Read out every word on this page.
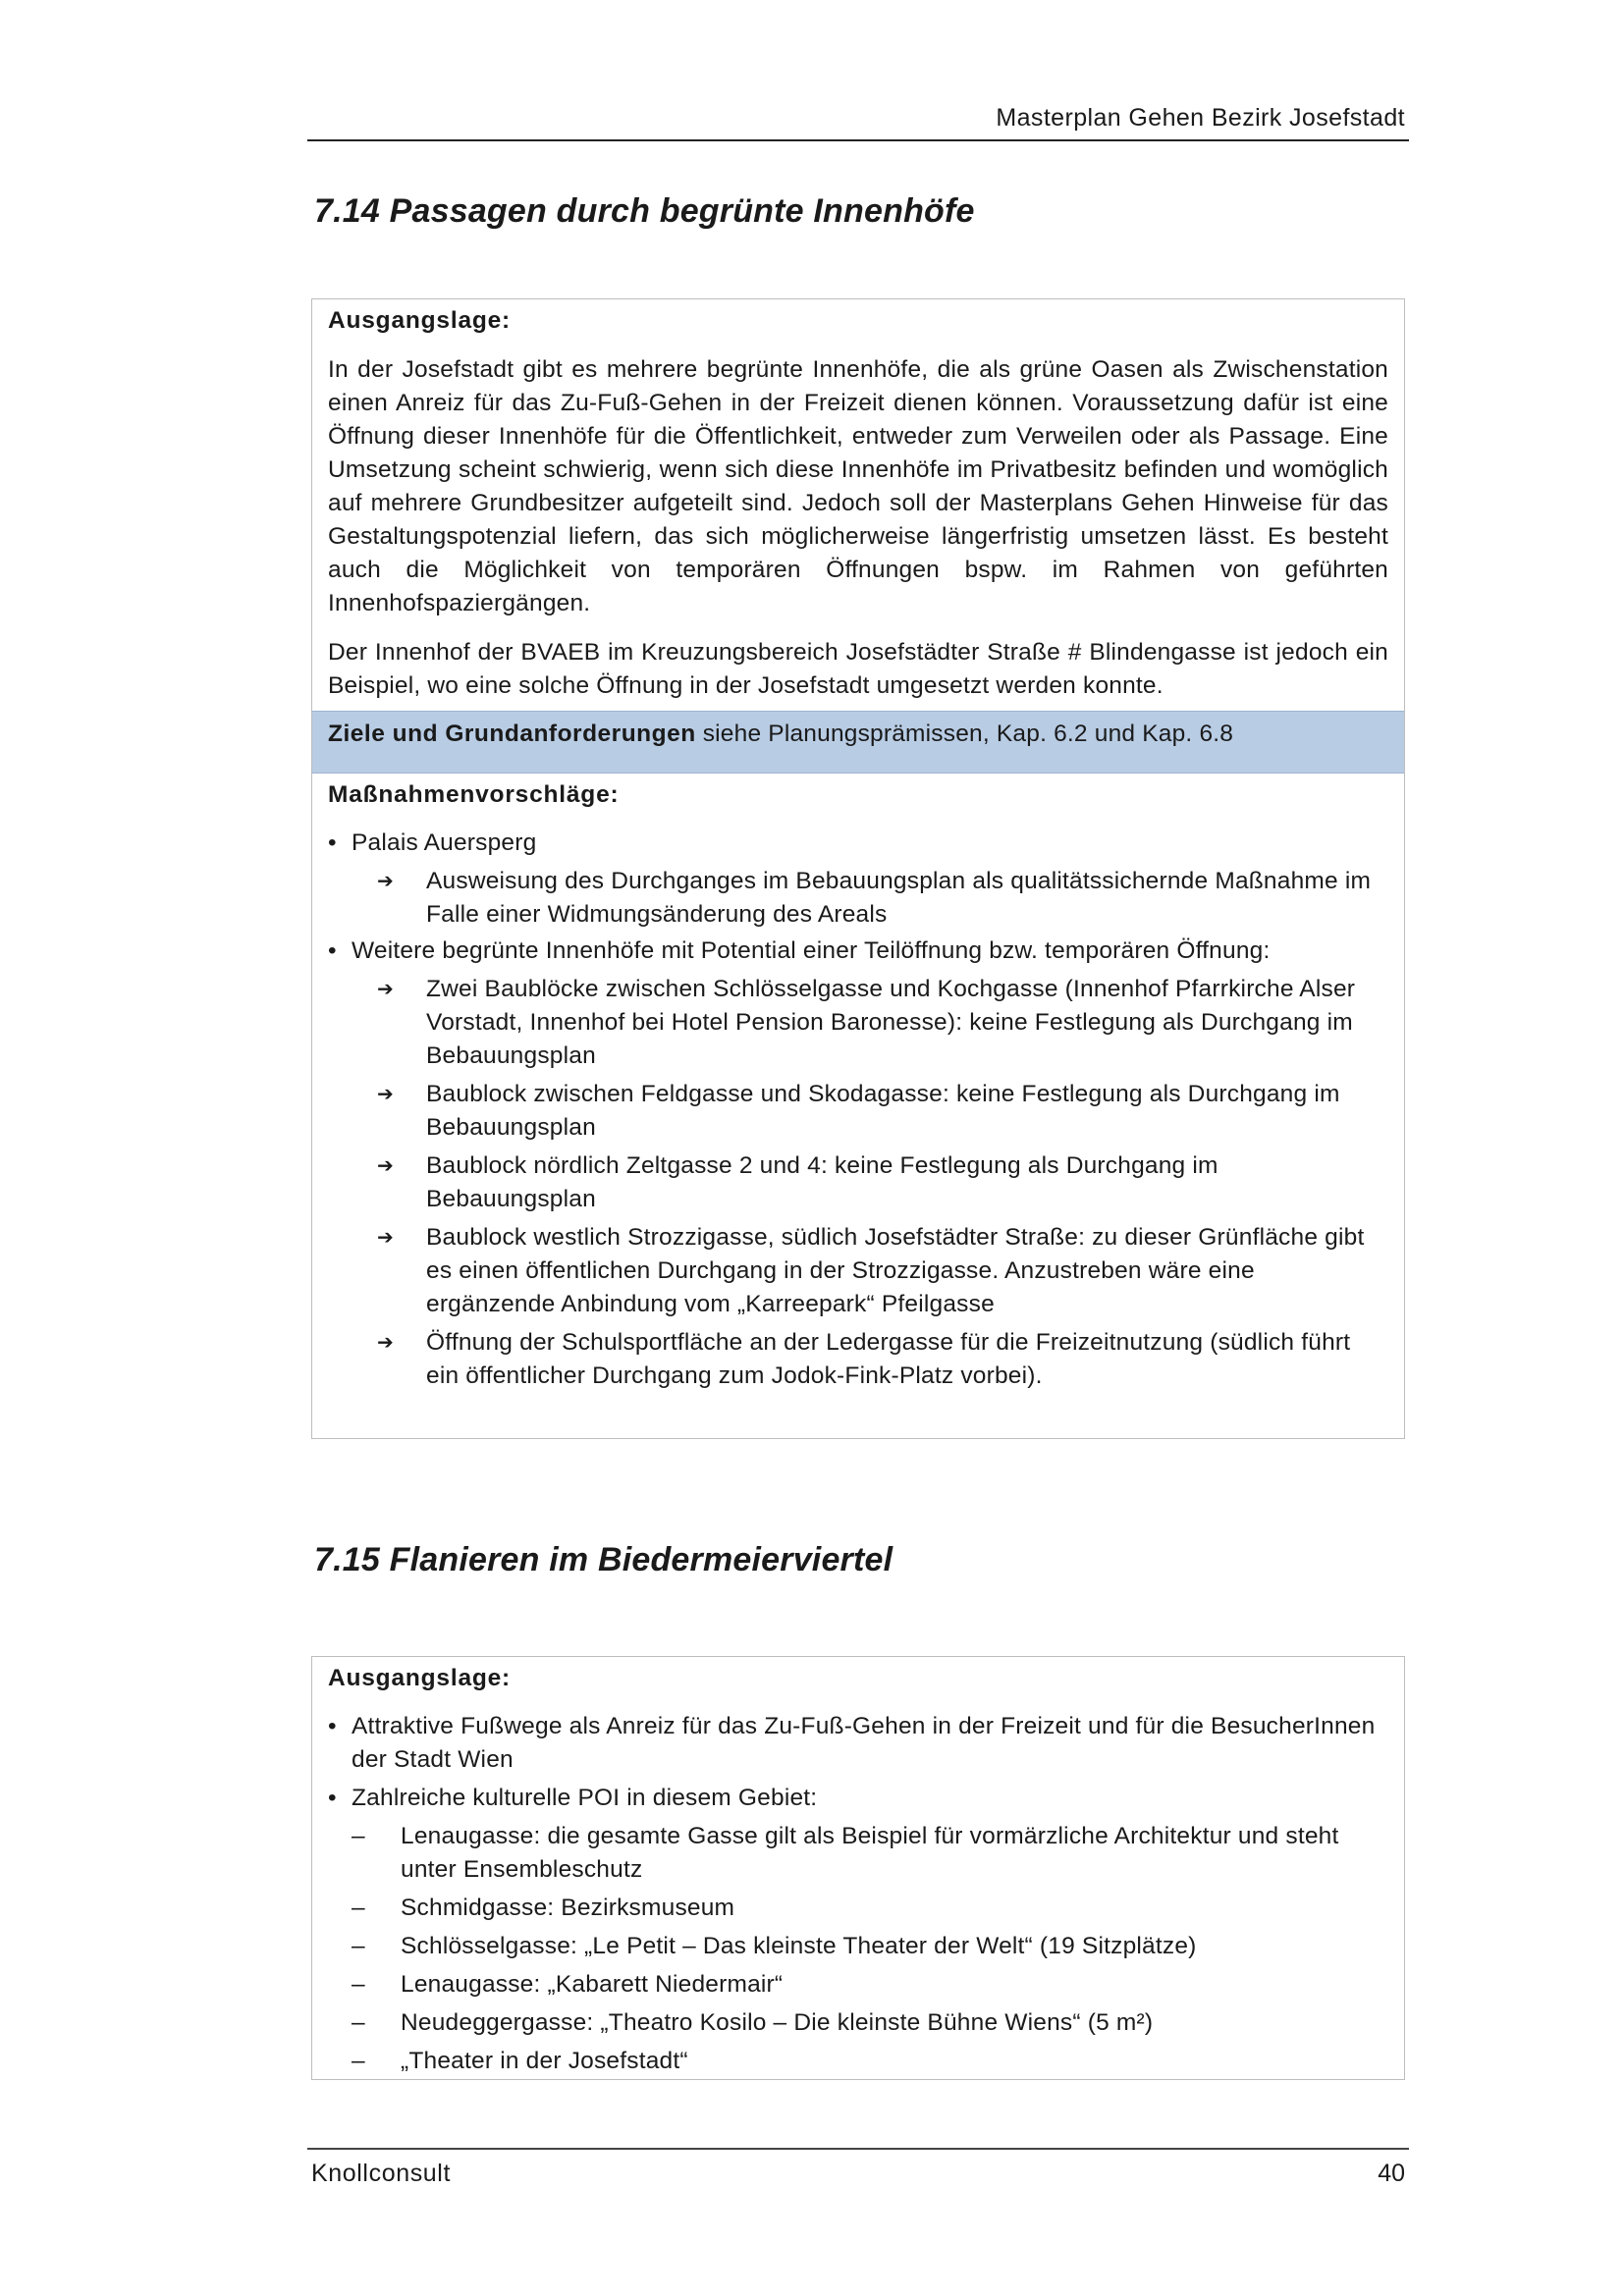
Masterplan Gehen Bezirk Josefstadt
7.14 Passagen durch begrünte Innenhöfe
Ausgangslage:

In der Josefstadt gibt es mehrere begrünte Innenhöfe, die als grüne Oasen als Zwischenstation einen Anreiz für das Zu-Fuß-Gehen in der Freizeit dienen können. Voraussetzung dafür ist eine Öffnung dieser Innenhöfe für die Öffentlichkeit, entweder zum Verweilen oder als Passage. Eine Umsetzung scheint schwierig, wenn sich diese Innenhöfe im Privatbesitz befinden und womöglich auf mehrere Grundbesitzer aufgeteilt sind. Jedoch soll der Masterplans Gehen Hinweise für das Gestaltungspotenzial liefern, das sich möglicherweise längerfristig umsetzen lässt. Es besteht auch die Möglichkeit von temporären Öffnungen bspw. im Rahmen von geführten Innenhofspaziergängen.

Der Innenhof der BVAEB im Kreuzungsbereich Josefstädter Straße # Blindengasse ist jedoch ein Beispiel, wo eine solche Öffnung in der Josefstadt umgesetzt werden konnte.

Ziele und Grundanforderungen siehe Planungsprämissen, Kap. 6.2 und Kap. 6.8
Maßnahmenvorschläge:
• Palais Auersperg
➔ Ausweisung des Durchganges im Bebauungsplan als qualitätssichernde Maßnahme im Falle einer Widmungsänderung des Areals
• Weitere begrünte Innenhöfe mit Potential einer Teilöffnung bzw. temporären Öffnung:
➔ Zwei Baublöcke zwischen Schlösselgasse und Kochgasse (Innenhof Pfarrkirche Alser Vorstadt, Innenhof bei Hotel Pension Baronesse): keine Festlegung als Durchgang im Bebauungsplan
➔ Baublock zwischen Feldgasse und Skodagasse: keine Festlegung als Durchgang im Bebauungsplan
➔ Baublock nördlich Zeltgasse 2 und 4: keine Festlegung als Durchgang im Bebauungsplan
➔ Baublock westlich Strozzigasse, südlich Josefstädter Straße: zu dieser Grünfläche gibt es einen öffentlichen Durchgang in der Strozzigasse. Anzustreben wäre eine ergänzende Anbindung vom „Karreepark“ Pfeilgasse
➔ Öffnung der Schulsportfläche an der Ledergasse für die Freizeitnutzung (südlich führt ein öffentlicher Durchgang zum Jodok-Fink-Platz vorbei).
7.15 Flanieren im Biedermeierviertel
Ausgangslage:
• Attraktive Fußwege als Anreiz für das Zu-Fuß-Gehen in der Freizeit und für die BesucherInnen der Stadt Wien
• Zahlreiche kulturelle POI in diesem Gebiet:
– Lenaugasse: die gesamte Gasse gilt als Beispiel für vormärzliche Architektur und steht unter Ensembleschutz
– Schmidgasse: Bezirksmuseum
– Schlösselgasse: „Le Petit – Das kleinste Theater der Welt“ (19 Sitzplätze)
– Lenaugasse: „Kabarett Niedermair“
– Neudeggergasse: „Theatro Kosilo – Die kleinste Bühne Wiens“ (5 m²)
– „Theater in der Josefstadt“
Knollconsult	40
